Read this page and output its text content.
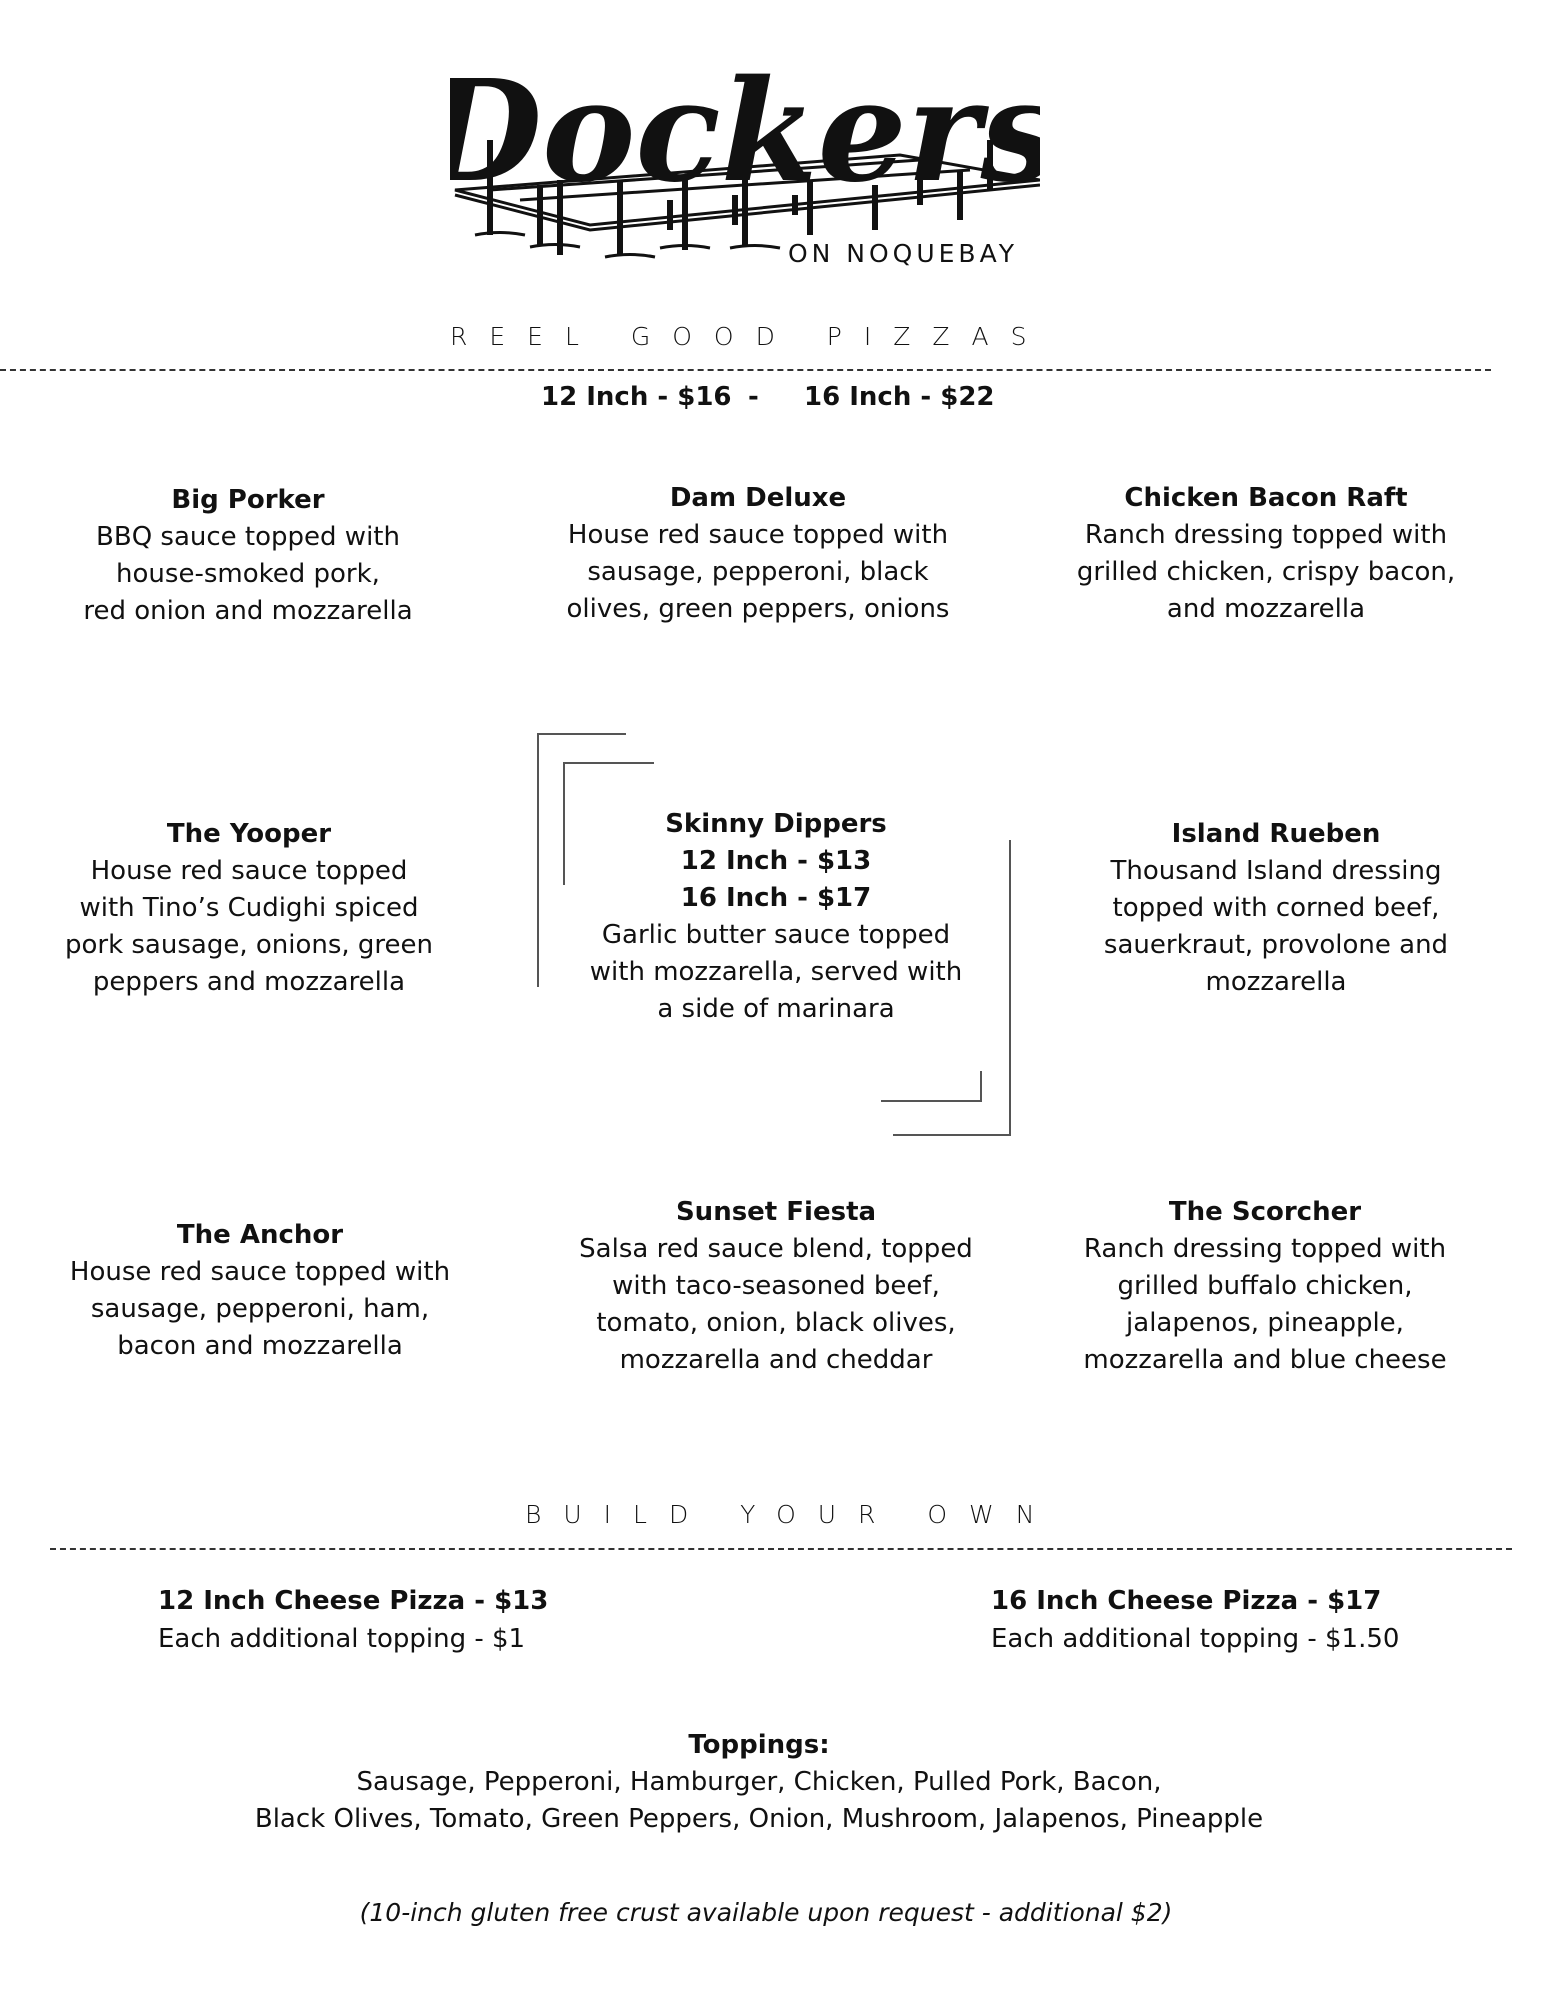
Dockers
ON NOQUEBAY
REEL GOOD PIZZAS
12 Inch - $16 - 16 Inch - $22
Big Porker
BBQ sauce topped with
house-smoked pork,
red onion and mozzarella
Dam Deluxe
House red sauce topped with
sausage, pepperoni, black
olives, green peppers, onions
Chicken Bacon Raft
Ranch dressing topped with
grilled chicken, crispy bacon,
and mozzarella
The Yooper
House red sauce topped
with Tino’s Cudighi spiced
pork sausage, onions, green
peppers and mozzarella
Skinny Dippers
12 Inch - $13
16 Inch - $17
Garlic butter sauce topped
with mozzarella, served with
a side of marinara
Island Rueben
Thousand Island dressing
topped with corned beef,
sauerkraut, provolone and
mozzarella
The Anchor
House red sauce topped with
sausage, pepperoni, ham,
bacon and mozzarella
Sunset Fiesta
Salsa red sauce blend, topped
with taco-seasoned beef,
tomato, onion, black olives,
mozzarella and cheddar
The Scorcher
Ranch dressing topped with
grilled buffalo chicken,
jalapenos, pineapple,
mozzarella and blue cheese
BUILD YOUR OWN
12 Inch Cheese Pizza - $13
Each additional topping - $1
16 Inch Cheese Pizza - $17
Each additional topping - $1.50
Toppings:
Sausage, Pepperoni, Hamburger, Chicken, Pulled Pork, Bacon,
Black Olives, Tomato, Green Peppers, Onion, Mushroom, Jalapenos, Pineapple
(10-inch gluten free crust available upon request - additional $2)
